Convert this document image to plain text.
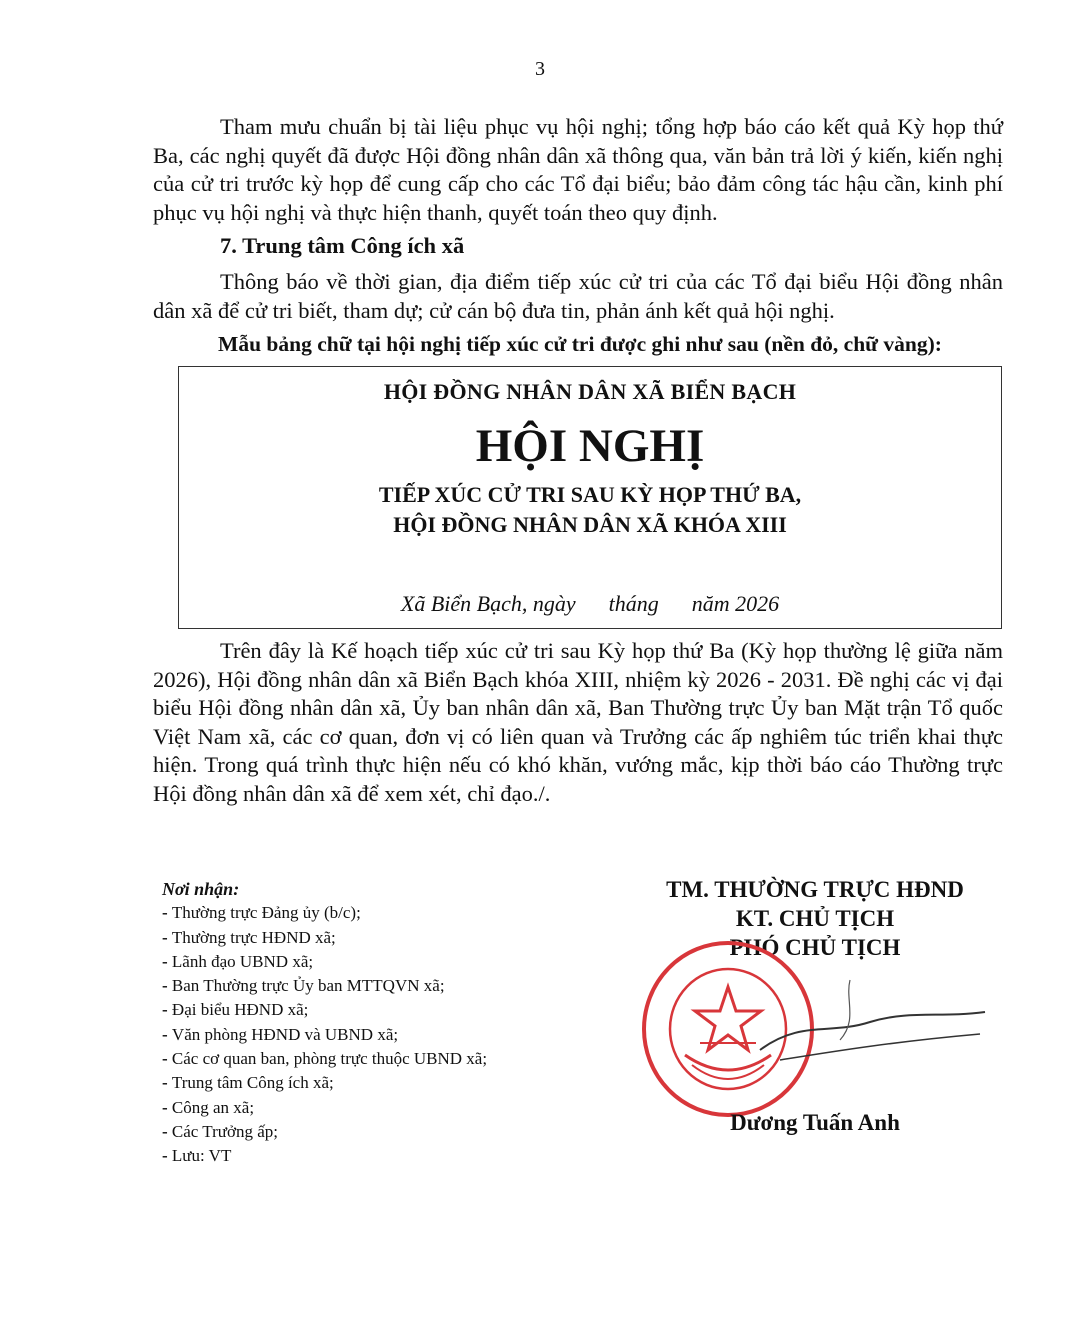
3

Tham mưu chuẩn bị tài liệu phục vụ hội nghị; tổng hợp báo cáo kết quả Kỳ họp thứ Ba, các nghị quyết đã được Hội đồng nhân dân xã thông qua, văn bản trả lời ý kiến, kiến nghị của cử tri trước kỳ họp để cung cấp cho các Tổ đại biểu; bảo đảm công tác hậu cần, kinh phí phục vụ hội nghị và thực hiện thanh, quyết toán theo quy định.

7. Trung tâm Công ích xã

Thông báo về thời gian, địa điểm tiếp xúc cử tri của các Tổ đại biểu Hội đồng nhân dân xã để cử tri biết, tham dự; cử cán bộ đưa tin, phản ánh kết quả hội nghị.

Mẫu bảng chữ tại hội nghị tiếp xúc cử tri được ghi như sau (nền đỏ, chữ vàng):
HỘI ĐỒNG NHÂN DÂN XÃ BIỂN BẠCH
HỘI NGHỊ
TIẾP XÚC CỬ TRI SAU KỲ HỌP THỨ BA,
HỘI ĐỒNG NHÂN DÂN XÃ KHÓA XIII
Xã Biển Bạch, ngày      tháng      năm 2026

Trên đây là Kế hoạch tiếp xúc cử tri sau Kỳ họp thứ Ba (Kỳ họp thường lệ giữa năm 2026), Hội đồng nhân dân xã Biển Bạch khóa XIII, nhiệm kỳ 2026 - 2031. Đề nghị các vị đại biểu Hội đồng nhân dân xã, Ủy ban nhân dân xã, Ban Thường trực Ủy ban Mặt trận Tổ quốc Việt Nam xã, các cơ quan, đơn vị có liên quan và Trưởng các ấp nghiêm túc triển khai thực hiện. Trong quá trình thực hiện nếu có khó khăn, vướng mắc, kịp thời báo cáo Thường trực Hội đồng nhân dân xã để xem xét, chỉ đạo./.

Nơi nhận:
- Thường trực Đảng ủy (b/c);
- Thường trực HĐND xã;
- Lãnh đạo UBND xã;
- Ban Thường trực Ủy ban MTTQVN xã;
- Đại biểu HĐND xã;
- Văn phòng HĐND và UBND xã;
- Các cơ quan ban, phòng trực thuộc UBND xã;
- Trung tâm Công ích xã;
- Công an xã;
- Các Trưởng ấp;
- Lưu: VT
TM. THƯỜNG TRỰC HĐND
KT. CHỦ TỊCH
PHÓ CHỦ TỊCH
Dương Tuấn Anh
